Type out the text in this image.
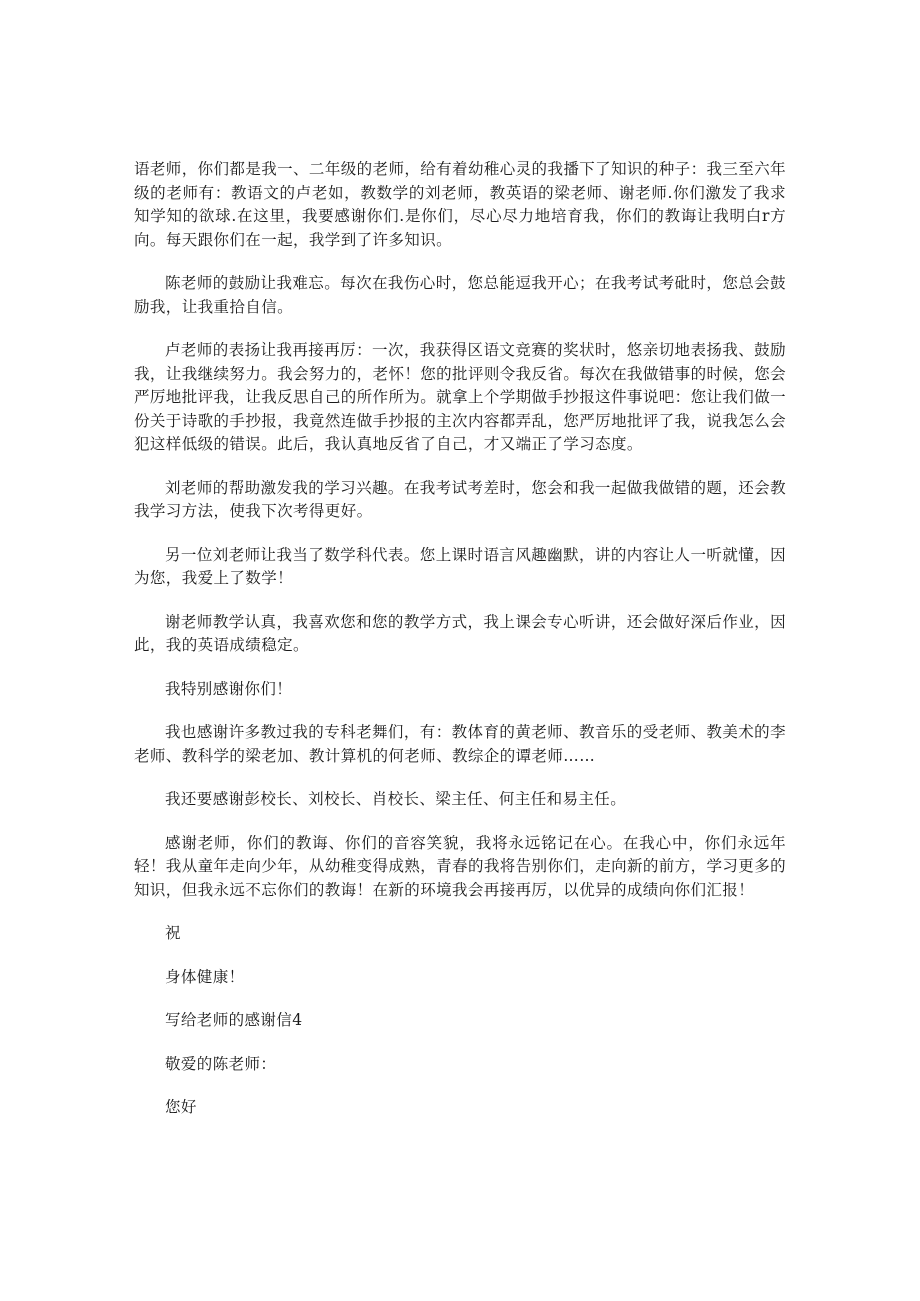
语老师，你们都是我一、二年级的老师，给有着幼稚心灵的我播下了知识的种子：我三至六年级的老师有：教语文的卢老如，教数学的刘老师，教英语的梁老师、谢老师.你们激发了我求知学知的欲球.在这里，我要感谢你们.是你们，尽心尽力地培育我，你们的教诲让我明白r方向。每天跟你们在一起，我学到了许多知识。

陈老师的鼓励让我难忘。每次在我伤心时，您总能逗我开心；在我考试考砒时，您总会鼓励我，让我重拾自信。

卢老师的表扬让我再接再厉：一次，我获得区语文竞赛的奖状时，悠亲切地表扬我、鼓励我，让我继续努力。我会努力的，老怀！您的批评则令我反省。每次在我做错事的时候，您会严厉地批评我，让我反思自己的所作所为。就拿上个学期做手抄报这件事说吧：您让我们做一份关于诗歌的手抄报，我竟然连做手抄报的主次内容都弄乱，您严厉地批评了我，说我怎么会犯这样低级的错误。此后，我认真地反省了自己，才又端正了学习态度。

刘老师的帮助激发我的学习兴趣。在我考试考差时，您会和我一起做我做错的题，还会教我学习方法，使我下次考得更好。

另一位刘老师让我当了数学科代表。您上课时语言风趣幽默，讲的内容让人一听就懂，因为您，我爱上了数学！

谢老师教学认真，我喜欢您和您的教学方式，我上课会专心听讲，还会做好深后作业，因此，我的英语成绩稳定。

我特别感谢你们！

我也感谢许多教过我的专科老舞们，有：教体育的黄老师、教音乐的受老师、教美术的李老师、教科学的梁老加、教计算机的何老师、教综企的谭老师……

我还要感谢彭校长、刘校长、肖校长、梁主任、何主任和易主任。

感谢老师，你们的教诲、你们的音容笑貌，我将永远铭记在心。在我心中，你们永远年轻！我从童年走向少年，从幼稚变得成熟，青春的我将告别你们，走向新的前方，学习更多的知识，但我永远不忘你们的教诲！在新的环境我会再接再厉，以优异的成绩向你们汇报！

祝
身体健康！
写给老师的感谢信4
敬爱的陈老师：
您好
